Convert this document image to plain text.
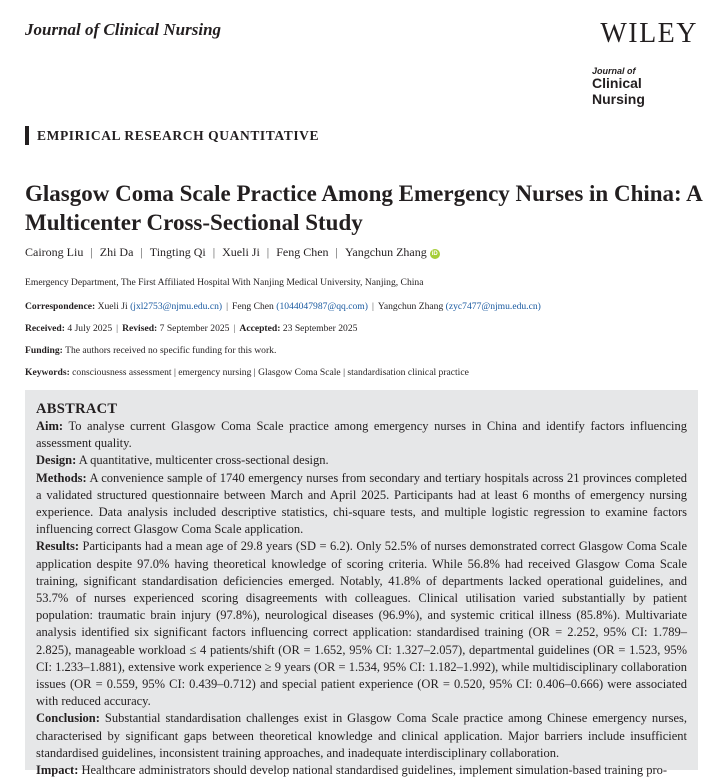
Journal of Clinical Nursing	WILEY
Journal of
Clinical Nursing
EMPIRICAL RESEARCH QUANTITATIVE
Glasgow Coma Scale Practice Among Emergency Nurses in China: A Multicenter Cross-Sectional Study
Cairong Liu | Zhi Da | Tingting Qi | Xueli Ji | Feng Chen | Yangchun Zhang iD
Emergency Department, The First Affiliated Hospital With Nanjing Medical University, Nanjing, China
Correspondence: Xueli Ji (jxl2753@njmu.edu.cn) | Feng Chen (1044047987@qq.com) | Yangchun Zhang (zyc7477@njmu.edu.cn)
Received: 4 July 2025 | Revised: 7 September 2025 | Accepted: 23 September 2025
Funding: The authors received no specific funding for this work.
Keywords: consciousness assessment | emergency nursing | Glasgow Coma Scale | standardisation clinical practice
ABSTRACT

Aim: To analyse current Glasgow Coma Scale practice among emergency nurses in China and identify factors influencing assessment quality.

Design: A quantitative, multicenter cross-sectional design.

Methods: A convenience sample of 1740 emergency nurses from secondary and tertiary hospitals across 21 provinces completed a validated structured questionnaire between March and April 2025. Participants had at least 6 months of emergency nursing experience. Data analysis included descriptive statistics, chi-square tests, and multiple logistic regression to examine factors influencing correct Glasgow Coma Scale application.

Results: Participants had a mean age of 29.8 years (SD = 6.2). Only 52.5% of nurses demonstrated correct Glasgow Coma Scale application despite 97.0% having theoretical knowledge of scoring criteria. While 56.8% had received Glasgow Coma Scale training, significant standardisation deficiencies emerged. Notably, 41.8% of departments lacked operational guidelines, and 53.7% of nurses experienced scoring disagreements with colleagues. Clinical utilisation varied substantially by patient population: traumatic brain injury (97.8%), neurological diseases (96.9%), and systemic critical illness (85.8%). Multivariate analysis identified six significant factors influencing correct application: standardised training (OR = 2.252, 95% CI: 1.789–2.825), manageable workload ≤ 4 patients/shift (OR = 1.652, 95% CI: 1.327–2.057), departmental guidelines (OR = 1.523, 95% CI: 1.233–1.881), extensive work experience ≥ 9 years (OR = 1.534, 95% CI: 1.182–1.992), while multidisciplinary collaboration issues (OR = 0.559, 95% CI: 0.439–0.712) and special patient experience (OR = 0.520, 95% CI: 0.406–0.666) were associated with reduced accuracy.

Conclusion: Substantial standardisation challenges exist in Glasgow Coma Scale practice among Chinese emergency nurses, characterised by significant gaps between theoretical knowledge and clinical application. Major barriers include insufficient standardised guidelines, inconsistent training approaches, and inadequate interdisciplinary collaboration.

Impact: Healthcare administrators should develop national standardised guidelines, implement simulation-based training pro-
